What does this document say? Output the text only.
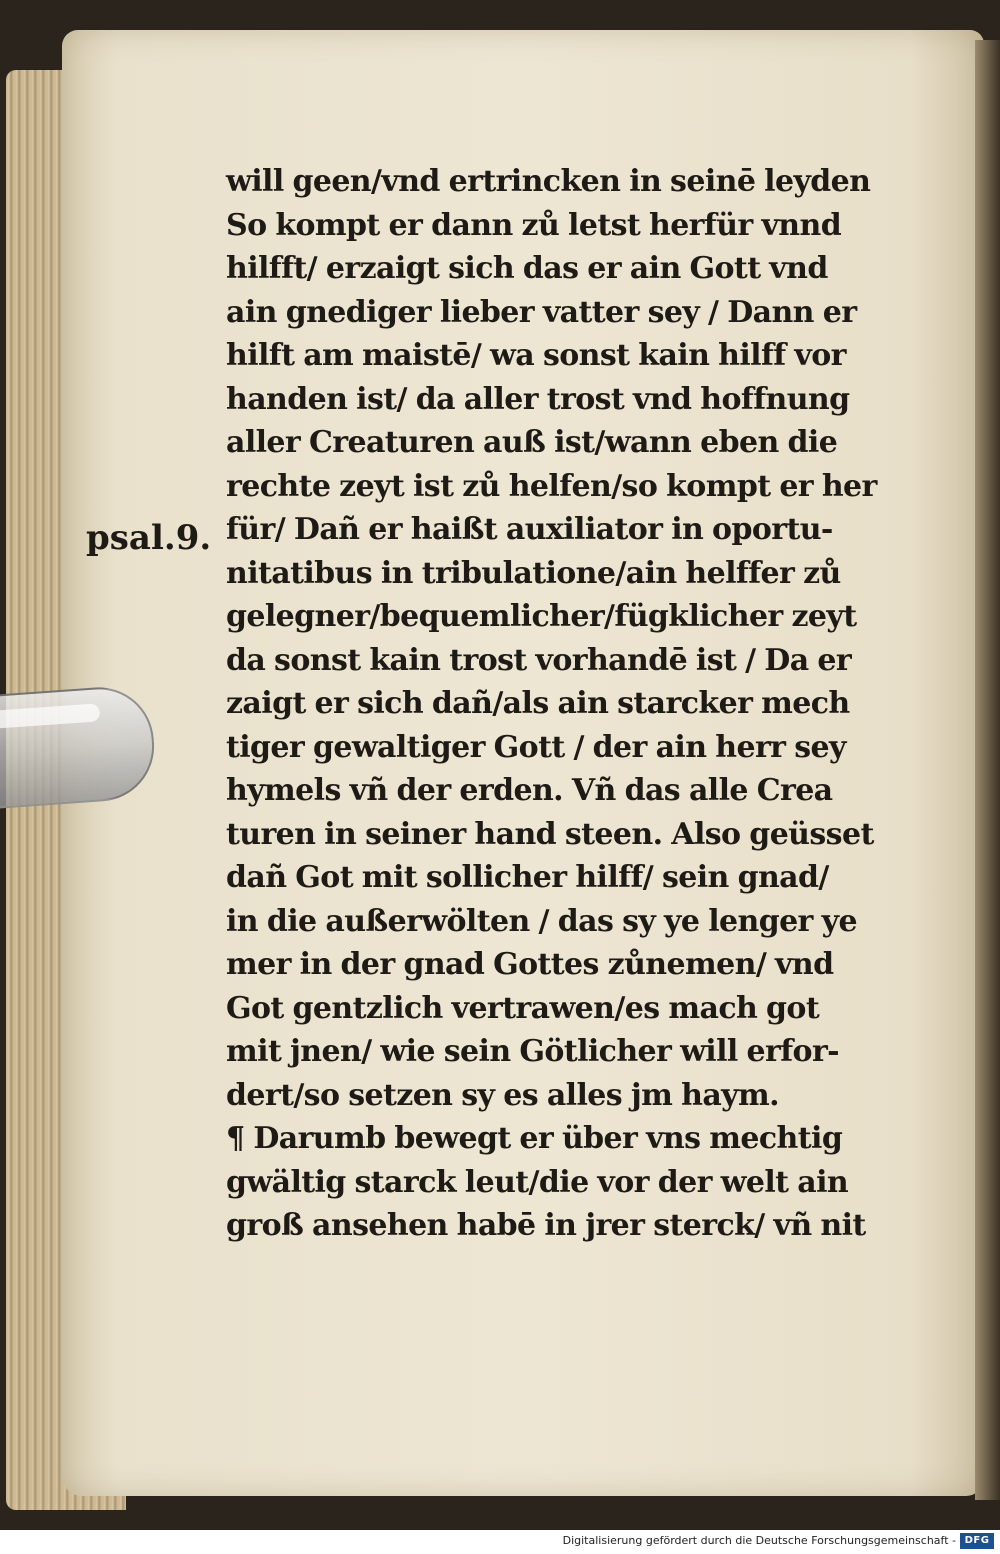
psal.9.
will geen/vnd ertrincken in seinē leyden
So kompt er dann zů letst herfür vnnd
hilfft/ erzaigt sich das er ain Gott vnd
ain gnediger lieber vatter sey / Dann er
hilft am maistē/ wa sonst kain hilff vor
handen ist/ da aller trost vnd hoffnung
aller Creaturen auß ist/wann eben die
rechte zeyt ist zů helfen/so kompt er her
für/ Dañ er haißt auxiliator in oportu-
nitatibus in tribulatione/ain helffer zů
gelegner/bequemlicher/fügklicher zeyt
da sonst kain trost vorhandē ist / Da er
zaigt er sich dañ/als ain starcker mech
tiger gewaltiger Gott / der ain herr sey
hymels vñ der erden. Vñ das alle Crea
turen in seiner hand steen. Also geüsset
dañ Got mit sollicher hilff/ sein gnad/
in die außerwölten / das sy ye lenger ye
mer in der gnad Gottes zůnemen/ vnd
Got gentzlich vertrawen/es mach got
mit jnen/ wie sein Götlicher will erfor-
dert/so setzen sy es alles jm haym.
¶ Darumb bewegt er über vns mechtig
gwältig starck leut/die vor der welt ain
groß ansehen habē in jrer sterck/ vñ nit
Digitalisierung gefördert durch die Deutsche Forschungsgemeinschaft - DFG
